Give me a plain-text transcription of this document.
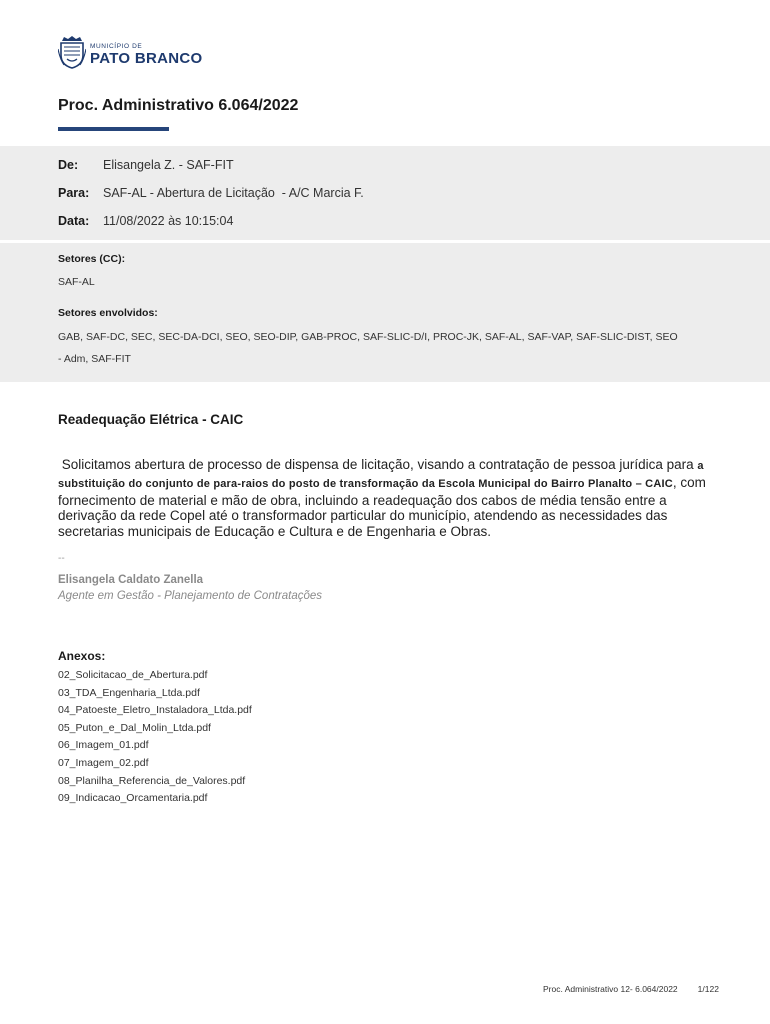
MUNICÍPIO DE
PATO BRANCO
Proc. Administrativo 6.064/2022
De: Elisangela Z. - SAF-FIT
Para: SAF-AL - Abertura de Licitação  - A/C Marcia F.
Data: 11/08/2022 às 10:15:04
Setores (CC):
SAF-AL
Setores envolvidos:
GAB, SAF-DC, SEC, SEC-DA-DCI, SEO, SEO-DIP, GAB-PROC, SAF-SLIC-D/I, PROC-JK, SAF-AL, SAF-VAP, SAF-SLIC-DIST, SEO - Adm, SAF-FIT
Readequação Elétrica - CAIC
Solicitamos abertura de processo de dispensa de licitação, visando a contratação de pessoa jurídica para a substituição do conjunto de para-raios do posto de transformação da Escola Municipal do Bairro Planalto – CAIC, com fornecimento de material e mão de obra, incluindo a readequação dos cabos de média tensão entre a derivação da rede Copel até o transformador particular do município, atendendo as necessidades das secretarias municipais de Educação e Cultura e de Engenharia e Obras.
--
Elisangela Caldato Zanella
Agente em Gestão - Planejamento de Contratações
Anexos:
02_Solicitacao_de_Abertura.pdf
03_TDA_Engenharia_Ltda.pdf
04_Patoeste_Eletro_Instaladora_Ltda.pdf
05_Puton_e_Dal_Molin_Ltda.pdf
06_Imagem_01.pdf
07_Imagem_02.pdf
08_Planilha_Referencia_de_Valores.pdf
09_Indicacao_Orcamentaria.pdf
Proc. Administrativo 12- 6.064/2022 1/122
